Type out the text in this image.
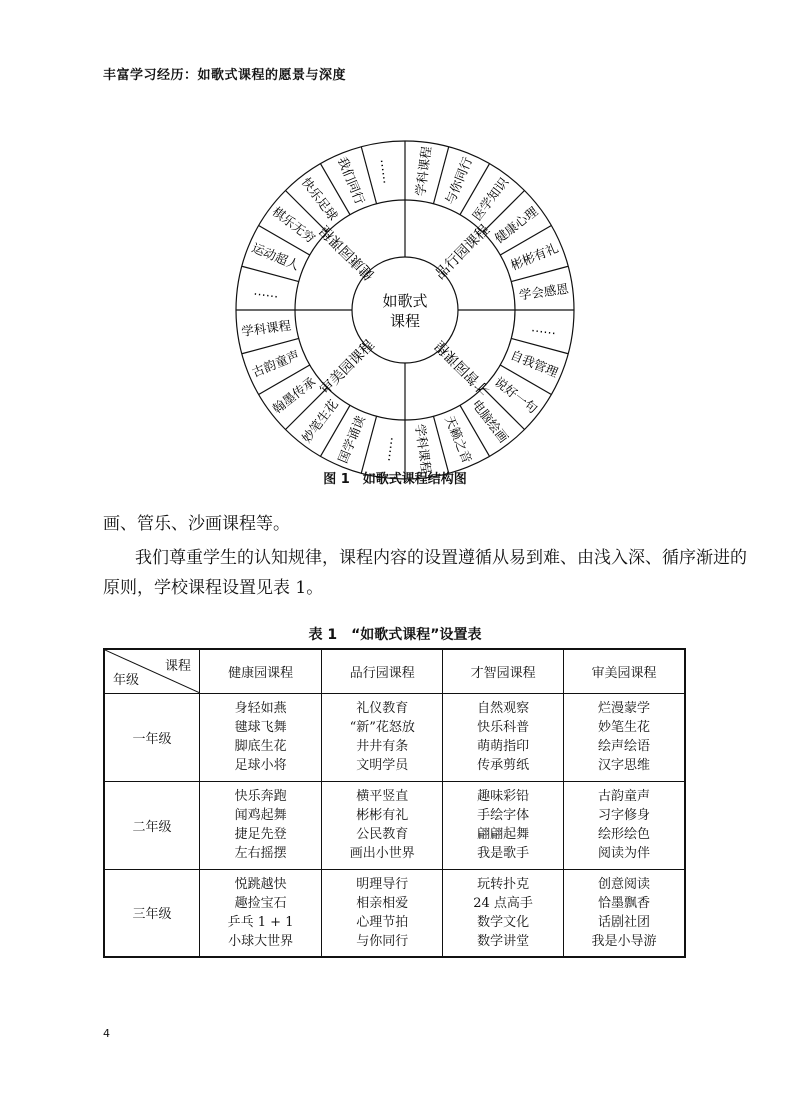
丰富学习经历：如歌式课程的愿景与深度
如歌式
课程
健康园课程	品行园课程
才智园课程
审美园课程
学科课程 与你同行
医学知识
健康心理
彬彬有礼
学会感恩
……
自我管理
说好一句
电脑绘画
天籁之音
学科课程
……
国学诵读
妙笔生花
翰墨传承
古韵童声
学科课程
……
运动超人
棋乐无穷
快乐足球
我们同行 ……
图 1　如歌式课程结构图
画、管乐、沙画课程等。
我们尊重学生的认知规律，课程内容的设置遵循从易到难、由浅入深、循序渐进的
原则，学校课程设置见表 1。
表 1　“如歌式课程”设置表
课程
年级	健康园课程	品行园课程	才智园课程	审美园课程
一年级	身轻如燕
毽球飞舞
脚底生花
足球小将	礼仪教育
“新”花怒放
井井有条
文明学员	自然观察
快乐科普
萌萌指印
传承剪纸	烂漫蒙学
妙笔生花
绘声绘语
汉字思维

二年级	快乐奔跑
闻鸡起舞
捷足先登
左右摇摆	横平竖直
彬彬有礼
公民教育
画出小世界	趣味彩铅
手绘字体
翩翩起舞
我是歌手	古韵童声
习字修身
绘形绘色
阅读为伴

三年级	悦跳越快
趣捡宝石
乒乓 1 + 1
小球大世界	明理导行
相亲相爱
心理节拍
与你同行	玩转扑克
24 点高手
数学文化
数学讲堂	创意阅读
恰墨飘香
话剧社团
我是小导游
4
